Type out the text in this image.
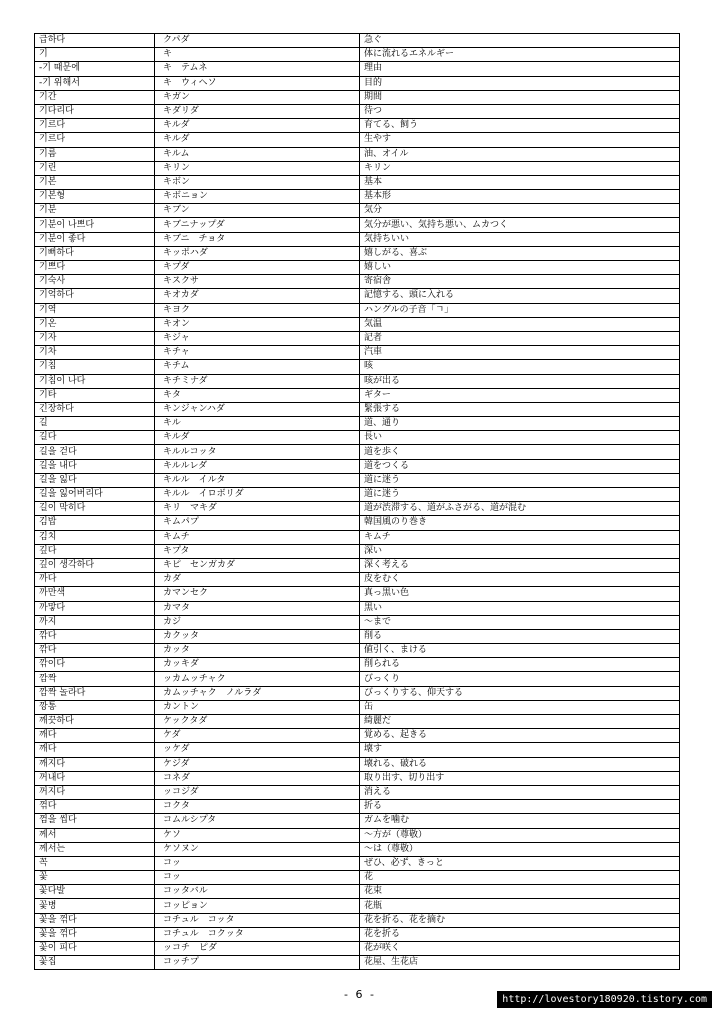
급하다	クパダ	急ぐ
기	キ	体に流れるエネルギー
-기 때문에	キ　テムネ	理由
-기 위해서	キ　ウィヘソ	目的
기간	キガン	期間
기다리다	キダリダ	待つ
기르다	キルダ	育てる、飼う
기르다	キルダ	生やす
기름	キルム	油、オイル
기린	キリン	キリン
기본	キボン	基本
기본형	キボニョン	基本形
기분	キブン	気分
기분이 나쁘다	キブニナップダ	気分が悪い、気持ち悪い、ムカつく
기분이 좋다	キブニ　チョタ	気持ちいい
기뻐하다	キッポハダ	嬉しがる、喜ぶ
기쁘다	キプダ	嬉しい
기숙사	キスクサ	寄宿舎
기억하다	キオカダ	記憶する、頭に入れる
기역	キヨク	ハングルの子音「ㄱ」
기온	キオン	気温
기자	キジャ	記者
기차	キチャ	汽車
기침	キチム	咳
기침이 나다	キチミナダ	咳が出る
기타	キタ	ギター
긴장하다	キンジャンハダ	緊張する
길	キル	道、通り
길다	キルダ	長い
길을 걷다	キルルコッタ	道を歩く
길을 내다	キルルレダ	道をつくる
길을 잃다	キルル　イルタ	道に迷う
길을 잃어버리다	キルル　イロボリダ	道に迷う
길이 막히다	キリ　マキダ	道が渋滞する、道がふさがる、道が混む
김밥	キムパプ	韓国風のり巻き
김치	キムチ	キムチ
깊다	キプタ	深い
깊이 생각하다	キピ　センガカダ	深く考える
까다	カダ	皮をむく
까만색	カマンセク	真っ黒い色
까맣다	カマタ	黒い
까지	カジ	〜まで
깎다	カクッタ	削る
깎다	カッタ	値引く、まける
깎이다	カッキダ	削られる
깜짝	ッカムッチャク	びっくり
깜짝 놀라다	カムッチャク　ノルラダ	びっくりする、仰天する
깡통	カントン	缶
깨끗하다	ケックタダ	綺麗だ
깨다	ケダ	覚める、起きる
깨다	ッケダ	壊す
깨지다	ケジダ	壊れる、破れる
꺼내다	コネダ	取り出す、切り出す
꺼지다	ッコジダ	消える
꺾다	コクタ	折る
껌을 씹다	コムルシプタ	ガムを噛む
께서	ケソ	〜方が（尊敬）
께서는	ケソヌン	〜は（尊敬）
꼭	コッ	ぜひ、必ず、きっと
꽃	コッ	花
꽃다발	コッタバル	花束
꽃병	コッピョン	花瓶
꽃을 꺾다	コチュル　コッタ	花を折る、花を摘む
꽃을 꺾다	コチュル　コクッタ	花を折る
꽃이 피다	ッコチ　ピダ	花が咲く
꽃집	コッチプ	花屋、生花店
- 6 -	http://lovestory180920.tistory.com
